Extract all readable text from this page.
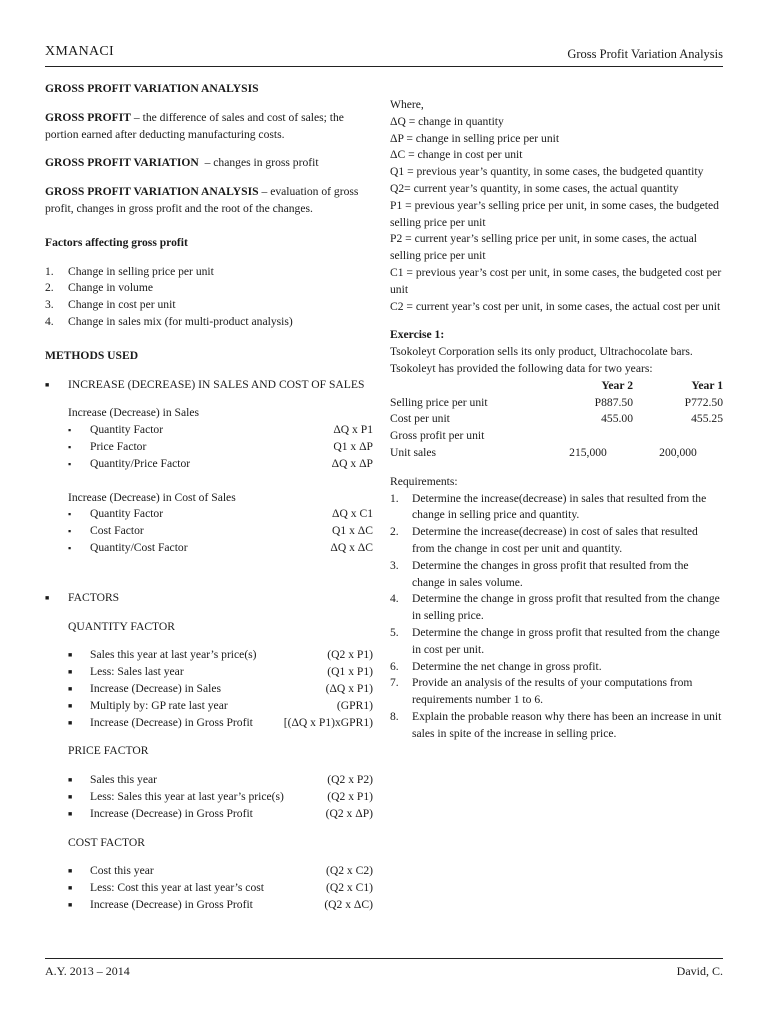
XMANACI	Gross Profit Variation Analysis
A.Y. 2013 – 2014	David, C.

GROSS PROFIT VARIATION ANALYSIS

GROSS PROFIT – the difference of sales and cost of sales; the portion earned after deducting manufacturing costs.

GROSS PROFIT VARIATION  – changes in gross profit

GROSS PROFIT VARIATION ANALYSIS – evaluation of gross profit, changes in gross profit and the root of the changes.

Factors affecting gross profit

1.	Change in selling price per unit
2.	Change in volume
3.	Change in cost per unit
4.	Change in sales mix (for multi-product analysis)

METHODS USED

■	INCREASE (DECREASE) IN SALES AND COST OF SALES

Increase (Decrease) in Sales

▪	Quantity Factor	ΔQ x P1
▪	Price Factor	Q1 x ΔP
▪	Quantity/Price Factor	ΔQ x ΔP

Increase (Decrease) in Cost of Sales

▪	Quantity Factor	ΔQ x C1
▪	Cost Factor	Q1 x ΔC
▪	Quantity/Cost Factor	ΔQ x ΔC
■	FACTORS

QUANTITY FACTOR

■	Sales this year at last year’s price(s)	(Q2 x P1)
■	Less: Sales last year	(Q1 x P1)
■	Increase (Decrease) in Sales	(ΔQ x P1)
■	Multiply by: GP rate last year	(GPR1)
■	Increase (Decrease) in Gross Profit	[(ΔQ x P1)xGPR1)

PRICE FACTOR

■	Sales this year	(Q2 x P2)
■	Less: Sales this year at last year’s price(s)	(Q2 x P1)
■	Increase (Decrease) in Gross Profit	(Q2 x ΔP)

COST FACTOR

■	Cost this year	(Q2 x C2)
■	Less: Cost this year at last year’s cost	(Q2 x C1)
■	Increase (Decrease) in Gross Profit	(Q2 x ΔC)

Where,

ΔQ = change in quantity

ΔP = change in selling price per unit

ΔC = change in cost per unit

Q1 = previous year’s quantity, in some cases, the budgeted quantity

Q2= current year’s quantity, in some cases, the actual quantity

P1 = previous year’s selling price per unit, in some cases, the budgeted selling price per unit

P2 = current year’s selling price per unit, in some cases, the actual selling price per unit

C1 = previous year’s cost per unit, in some cases, the budgeted cost per unit

C2 = current year’s cost per unit, in some cases, the actual cost per unit

Exercise 1:

Tsokoleyt Corporation sells its only product, Ultrachocolate bars. Tsokoleyt has provided the following data for two years:

	Year 2	Year 1
Selling price per unit	P887.50	P772.50
Cost per unit	455.00	455.25
Gross profit per unit		
Unit sales	215,000	200,000

Requirements:

1.	Determine the increase(decrease) in sales that resulted from the change in selling price and quantity.
2.	Determine the increase(decrease) in cost of sales that resulted from the change in cost per unit and quantity.
3.	Determine the changes in gross profit that resulted from the change in sales volume.
4.	Determine the change in gross profit that resulted from the change in selling price.
5.	Determine the change in gross profit that resulted from the change in cost per unit.
6.	Determine the net change in gross profit.
7.	Provide an analysis of the results of your computations from requirements number 1 to 6.
8.	Explain the probable reason why there has been an increase in unit sales in spite of the increase in selling price.
